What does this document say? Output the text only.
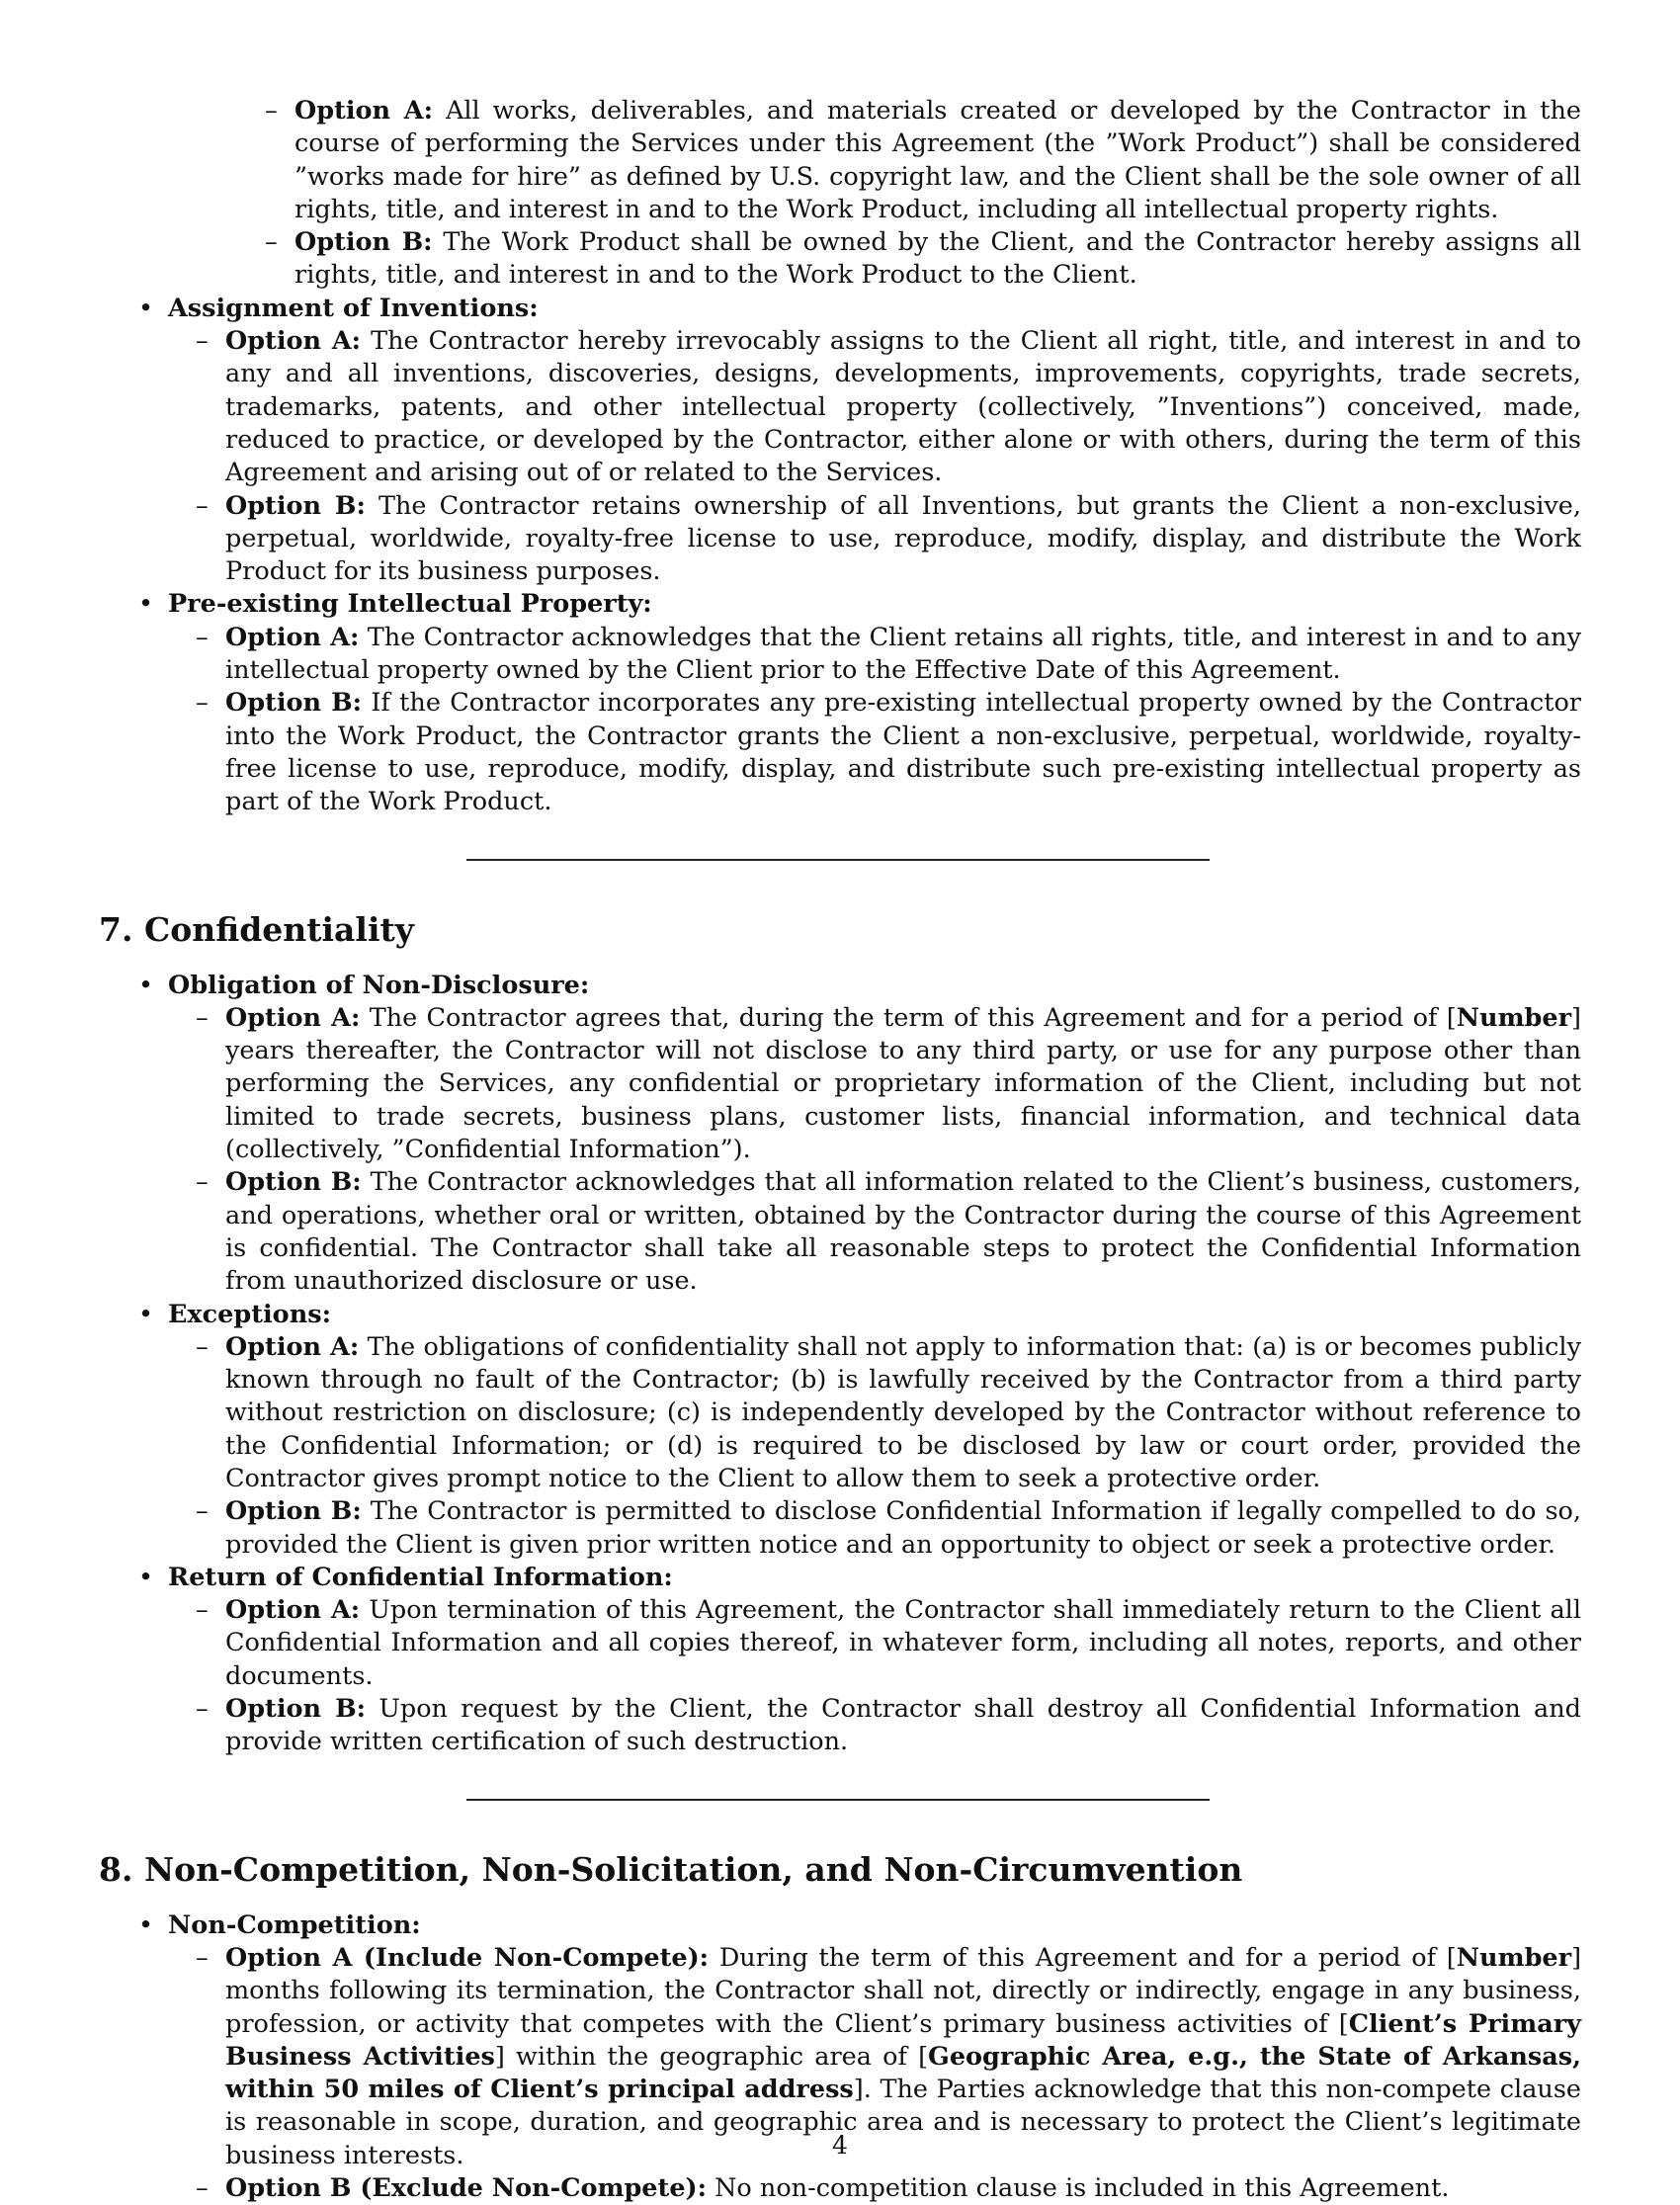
– Option A: All works, deliverables, and materials created or developed by the Contractor in the course of performing the Services under this Agreement (the ”Work Product”) shall be considered ”works made for hire” as defined by U.S. copyright law, and the Client shall be the sole owner of all rights, title, and interest in and to the Work Product, including all intellectual property rights.
– Option B: The Work Product shall be owned by the Client, and the Contractor hereby assigns all rights, title, and interest in and to the Work Product to the Client.
• Assignment of Inventions:
– Option A: The Contractor hereby irrevocably assigns to the Client all right, title, and interest in and to any and all inventions, discoveries, designs, developments, improvements, copyrights, trade secrets, trademarks, patents, and other intellectual property (collectively, ”Inventions”) conceived, made, reduced to practice, or developed by the Contractor, either alone or with others, during the term of this Agreement and arising out of or related to the Services.
– Option B: The Contractor retains ownership of all Inventions, but grants the Client a non-exclusive, perpetual, worldwide, royalty-free license to use, reproduce, modify, display, and distribute the Work Product for its business purposes.
• Pre-existing Intellectual Property:
– Option A: The Contractor acknowledges that the Client retains all rights, title, and interest in and to any intellectual property owned by the Client prior to the Effective Date of this Agreement.
– Option B: If the Contractor incorporates any pre-existing intellectual property owned by the Contractor into the Work Product, the Contractor grants the Client a non-exclusive, perpetual, worldwide, royalty-free license to use, reproduce, modify, display, and distribute such pre-existing intellectual property as part of the Work Product.
7. Confidentiality
• Obligation of Non-Disclosure:
– Option A: The Contractor agrees that, during the term of this Agreement and for a period of [Number] years thereafter, the Contractor will not disclose to any third party, or use for any purpose other than performing the Services, any confidential or proprietary information of the Client, including but not limited to trade secrets, business plans, customer lists, financial information, and technical data (collectively, ”Confidential Information”).
– Option B: The Contractor acknowledges that all information related to the Client’s business, customers, and operations, whether oral or written, obtained by the Contractor during the course of this Agreement is confidential. The Contractor shall take all reasonable steps to protect the Confidential Information from unauthorized disclosure or use.
• Exceptions:
– Option A: The obligations of confidentiality shall not apply to information that: (a) is or becomes publicly known through no fault of the Contractor; (b) is lawfully received by the Contractor from a third party without restriction on disclosure; (c) is independently developed by the Contractor without reference to the Confidential Information; or (d) is required to be disclosed by law or court order, provided the Contractor gives prompt notice to the Client to allow them to seek a protective order.
– Option B: The Contractor is permitted to disclose Confidential Information if legally compelled to do so, provided the Client is given prior written notice and an opportunity to object or seek a protective order.
• Return of Confidential Information:
– Option A: Upon termination of this Agreement, the Contractor shall immediately return to the Client all Confidential Information and all copies thereof, in whatever form, including all notes, reports, and other documents.
– Option B: Upon request by the Client, the Contractor shall destroy all Confidential Information and provide written certification of such destruction.
8. Non-Competition, Non-Solicitation, and Non-Circumvention
• Non-Competition:
– Option A (Include Non-Compete): During the term of this Agreement and for a period of [Number] months following its termination, the Contractor shall not, directly or indirectly, engage in any business, profession, or activity that competes with the Client’s primary business activities of [Client’s Primary Business Activities] within the geographic area of [Geographic Area, e.g., the State of Arkansas, within 50 miles of Client’s principal address]. The Parties acknowledge that this non-compete clause is reasonable in scope, duration, and geographic area and is necessary to protect the Client’s legitimate business interests.
– Option B (Exclude Non-Compete): No non-competition clause is included in this Agreement.
4
